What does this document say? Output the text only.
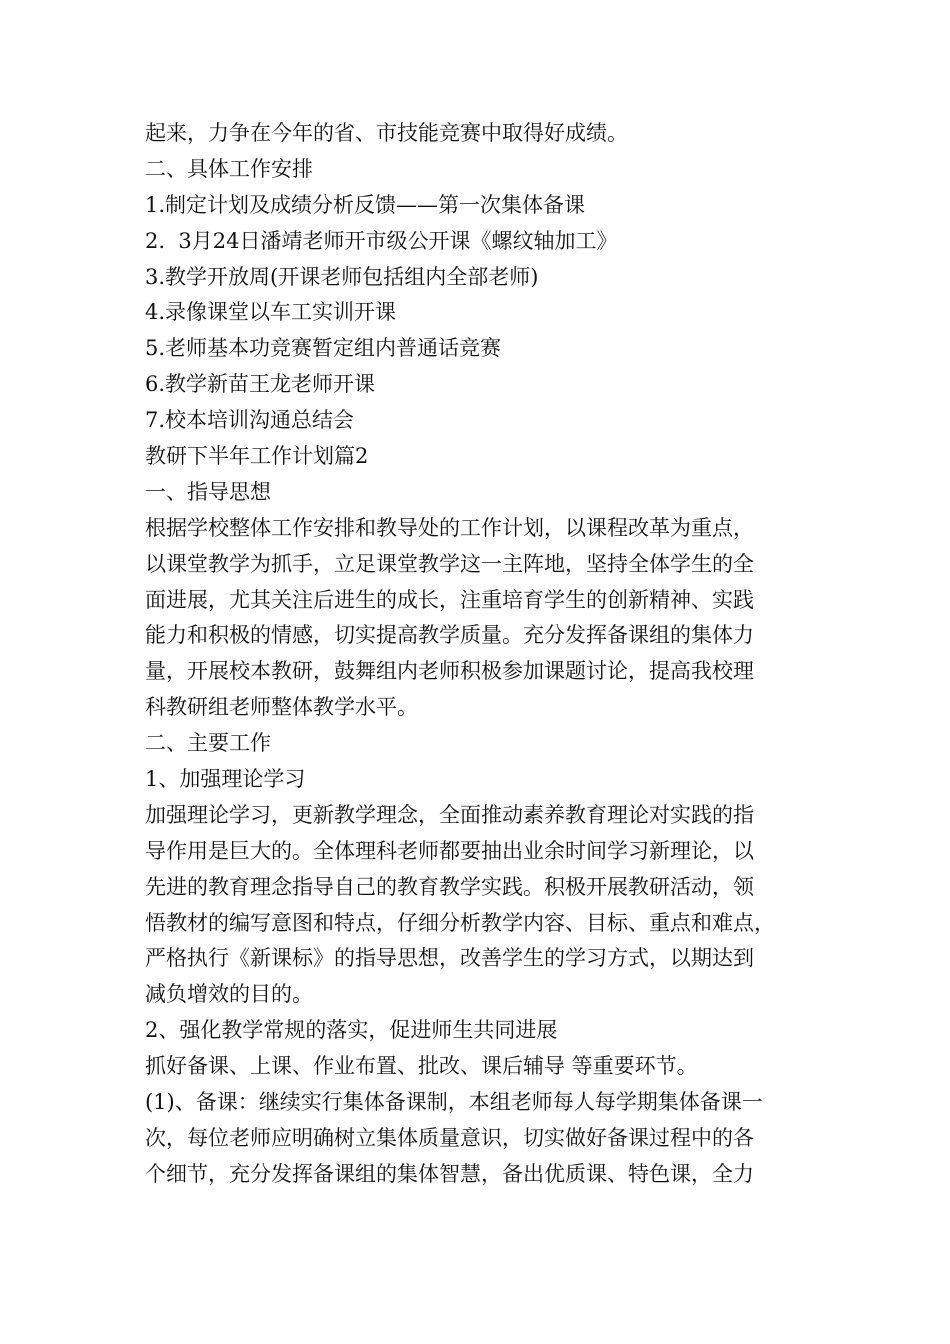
起来，力争在今年的省、市技能竞赛中取得好成绩。
二、具体工作安排
1.制定计划及成绩分析反馈——第一次集体备课
2.  3月24日潘靖老师开市级公开课《螺纹轴加工》
3.教学开放周(开课老师包括组内全部老师)
4.录像课堂以车工实训开课
5.老师基本功竞赛暂定组内普通话竞赛
6.教学新苗王龙老师开课
7.校本培训沟通总结会
教研下半年工作计划篇2
一、指导思想
根据学校整体工作安排和教导处的工作计划，以课程改革为重点，
以课堂教学为抓手，立足课堂教学这一主阵地，坚持全体学生的全
面进展，尤其关注后进生的成长，注重培育学生的创新精神、实践
能力和积极的情感，切实提高教学质量。充分发挥备课组的集体力
量，开展校本教研，鼓舞组内老师积极参加课题讨论，提高我校理
科教研组老师整体教学水平。
二、主要工作
1、加强理论学习
加强理论学习，更新教学理念，全面推动素养教育理论对实践的指
导作用是巨大的。全体理科老师都要抽出业余时间学习新理论，以
先进的教育理念指导自己的教育教学实践。积极开展教研活动，领
悟教材的编写意图和特点，仔细分析教学内容、目标、重点和难点，
严格执行《新课标》的指导思想，改善学生的学习方式，以期达到
减负增效的目的。
2、强化教学常规的落实，促进师生共同进展
抓好备课、上课、作业布置、批改、课后辅导 等重要环节。
(1)、备课：继续实行集体备课制，本组老师每人每学期集体备课一
次，每位老师应明确树立集体质量意识，切实做好备课过程中的各
个细节，充分发挥备课组的集体智慧，备出优质课、特色课，全力
